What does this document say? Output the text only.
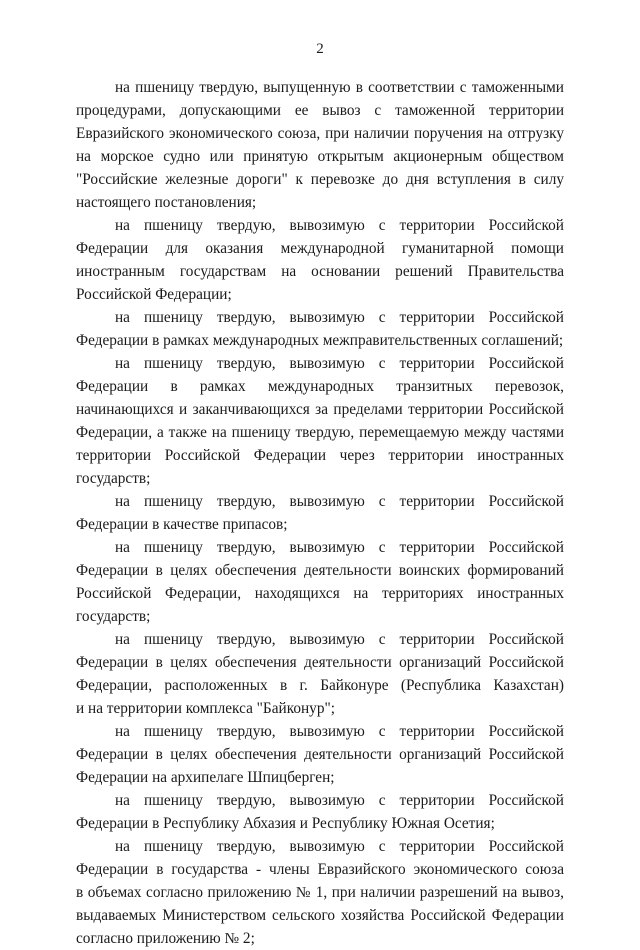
2
на пшеницу твердую, выпущенную в соответствии с таможенными
процедурами, допускающими ее вывоз с таможенной территории
Евразийского экономического союза, при наличии поручения на отгрузку
на морское судно или принятую открытым акционерным обществом
"Российские железные дороги" к перевозке до дня вступления в силу
настоящего постановления;
на пшеницу твердую, вывозимую с территории Российской
Федерации для оказания международной гуманитарной помощи
иностранным государствам на основании решений Правительства
Российской Федерации;
на пшеницу твердую, вывозимую с территории Российской
Федерации в рамках международных межправительственных соглашений;
на пшеницу твердую, вывозимую с территории Российской
Федерации в рамках международных транзитных перевозок,
начинающихся и заканчивающихся за пределами территории Российской
Федерации, а также на пшеницу твердую, перемещаемую между частями
территории Российской Федерации через территории иностранных
государств;
на пшеницу твердую, вывозимую с территории Российской
Федерации в качестве припасов;
на пшеницу твердую, вывозимую с территории Российской
Федерации в целях обеспечения деятельности воинских формирований
Российской Федерации, находящихся на территориях иностранных
государств;
на пшеницу твердую, вывозимую с территории Российской
Федерации в целях обеспечения деятельности организаций Российской
Федерации, расположенных в г. Байконуре (Республика Казахстан)
и на территории комплекса "Байконур";
на пшеницу твердую, вывозимую с территории Российской
Федерации в целях обеспечения деятельности организаций Российской
Федерации на архипелаге Шпицберген;
на пшеницу твердую, вывозимую с территории Российской
Федерации в Республику Абхазия и Республику Южная Осетия;
на пшеницу твердую, вывозимую с территории Российской
Федерации в государства - члены Евразийского экономического союза
в объемах согласно приложению № 1, при наличии разрешений на вывоз,
выдаваемых Министерством сельского хозяйства Российской Федерации
согласно приложению № 2;
